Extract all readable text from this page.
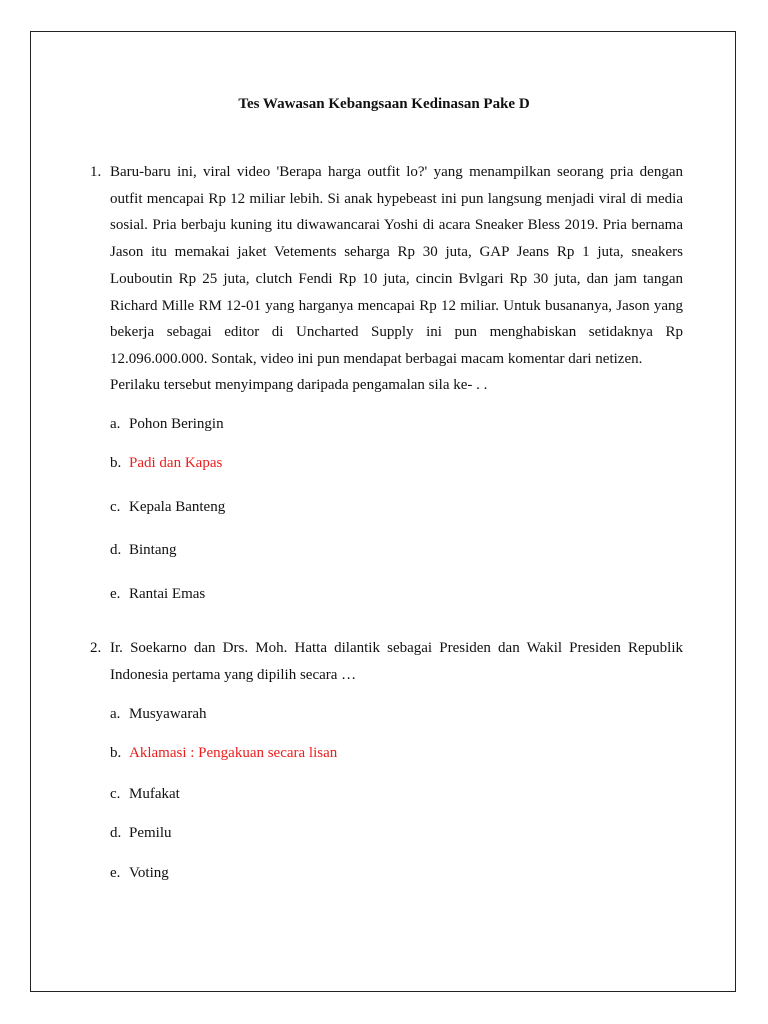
Tes Wawasan Kebangsaan Kedinasan Pake D
1. Baru-baru ini, viral video 'Berapa harga outfit lo?' yang menampilkan seorang pria dengan outfit mencapai Rp 12 miliar lebih. Si anak hypebeast ini pun langsung menjadi viral di media sosial. Pria berbaju kuning itu diwawancarai Yoshi di acara Sneaker Bless 2019. Pria bernama Jason itu memakai jaket Vetements seharga Rp 30 juta, GAP Jeans Rp 1 juta, sneakers Louboutin Rp 25 juta, clutch Fendi Rp 10 juta, cincin Bvlgari Rp 30 juta, dan jam tangan Richard Mille RM 12-01 yang harganya mencapai Rp 12 miliar. Untuk busananya, Jason yang bekerja sebagai editor di Uncharted Supply ini pun menghabiskan setidaknya Rp 12.096.000.000. Sontak, video ini pun mendapat berbagai macam komentar dari netizen.

Perilaku tersebut menyimpang daripada pengamalan sila ke- . .
a. Pohon Beringin
b. Padi dan Kapas
c. Kepala Banteng
d. Bintang
e. Rantai Emas
2. Ir. Soekarno dan Drs. Moh. Hatta dilantik sebagai Presiden dan Wakil Presiden Republik Indonesia pertama yang dipilih secara …

a. Musyawarah
b. Aklamasi : Pengakuan secara lisan
c. Mufakat
d. Pemilu
e. Voting
